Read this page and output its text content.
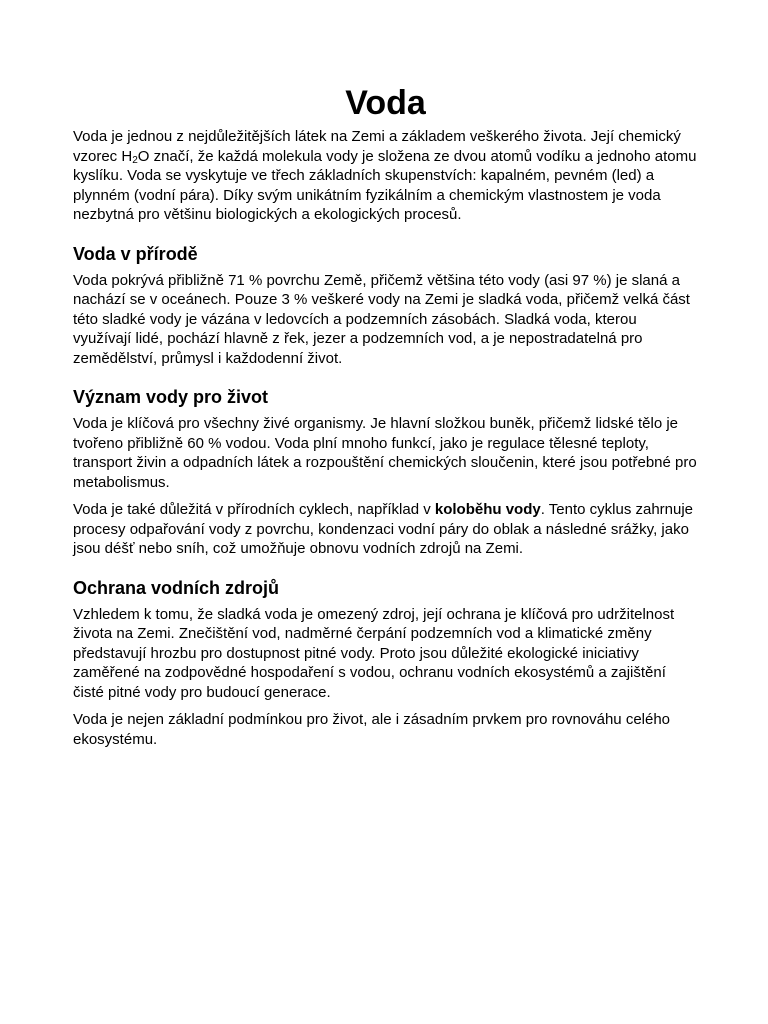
Voda

Voda je jednou z nejdůležitějších látek na Zemi a základem veškerého života. Její chemický vzorec $H_2O$ značí, že každá molekula vody je složena ze dvou atomů vodíku a jednoho atomu kyslíku. Voda se vyskytuje ve třech základních skupenstvích: kapalném, pevném (led) a plynném (vodní pára). Díky svým unikátním fyzikálním a chemickým vlastnostem je voda nezbytná pro většinu biologických a ekologických procesů.

Voda v přírodě

Voda pokrývá přibližně 71 % povrchu Země, přičemž většina této vody (asi 97 %) je slaná a nachází se v oceánech. Pouze 3 % veškeré vody na Zemi je sladká voda, přičemž velká část této sladké vody je vázána v ledovcích a podzemních zásobách. Sladká voda, kterou využívají lidé, pochází hlavně z řek, jezer a podzemních vod, a je nepostradatelná pro zemědělství, průmysl i každodenní život.

Význam vody pro život

Voda je klíčová pro všechny živé organismy. Je hlavní složkou buněk, přičemž lidské tělo je tvořeno přibližně 60 % vodou. Voda plní mnoho funkcí, jako je regulace tělesné teploty, transport živin a odpadních látek a rozpouštění chemických sloučenin, které jsou potřebné pro metabolismus.

Voda je také důležitá v přírodních cyklech, například v koloběhu vody. Tento cyklus zahrnuje procesy odpařování vody z povrchu, kondenzaci vodní páry do oblak a následné srážky, jako jsou déšť nebo sníh, což umožňuje obnovu vodních zdrojů na Zemi.

Ochrana vodních zdrojů

Vzhledem k tomu, že sladká voda je omezený zdroj, její ochrana je klíčová pro udržitelnost života na Zemi. Znečištění vod, nadměrné čerpání podzemních vod a klimatické změny představují hrozbu pro dostupnost pitné vody. Proto jsou důležité ekologické iniciativy zaměřené na zodpovědné hospodaření s vodou, ochranu vodních ekosystémů a zajištění čisté pitné vody pro budoucí generace.

Voda je nejen základní podmínkou pro život, ale i zásadním prvkem pro rovnováhu celého ekosystému.
